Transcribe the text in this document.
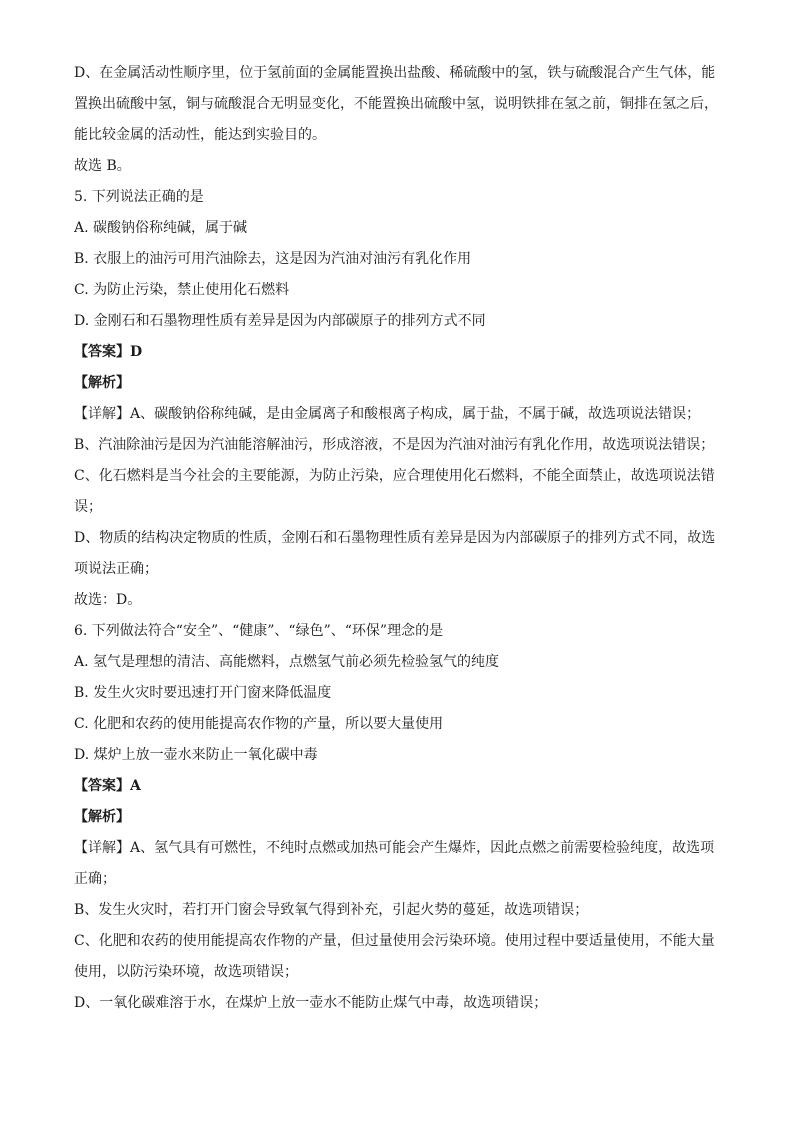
D、在金属活动性顺序里，位于氢前面的金属能置换出盐酸、稀硫酸中的氢，铁与硫酸混合产生气体，能
置换出硫酸中氢，铜与硫酸混合无明显变化，不能置换出硫酸中氢，说明铁排在氢之前，铜排在氢之后，
能比较金属的活动性，能达到实验目的。
故选 B。
5. 下列说法正确的是
A. 碳酸钠俗称纯碱，属于碱
B. 衣服上的油污可用汽油除去，这是因为汽油对油污有乳化作用
C. 为防止污染，禁止使用化石燃料
D. 金刚石和石墨物理性质有差异是因为内部碳原子的排列方式不同
【答案】D
【解析】
【详解】A、碳酸钠俗称纯碱，是由金属离子和酸根离子构成，属于盐，不属于碱，故选项说法错误；
B、汽油除油污是因为汽油能溶解油污，形成溶液，不是因为汽油对油污有乳化作用，故选项说法错误；
C、化石燃料是当今社会的主要能源，为防止污染，应合理使用化石燃料，不能全面禁止，故选项说法错
误；
D、物质的结构决定物质的性质，金刚石和石墨物理性质有差异是因为内部碳原子的排列方式不同，故选
项说法正确；
故选：D。
6. 下列做法符合“安全”、“健康”、“绿色”、“环保”理念的是
A. 氢气是理想的清洁、高能燃料，点燃氢气前必须先检验氢气的纯度
B. 发生火灾时要迅速打开门窗来降低温度
C. 化肥和农药的使用能提高农作物的产量，所以要大量使用
D. 煤炉上放一壶水来防止一氧化碳中毒
【答案】A
【解析】
【详解】A、氢气具有可燃性，不纯时点燃或加热可能会产生爆炸，因此点燃之前需要检验纯度，故选项
正确；
B、发生火灾时，若打开门窗会导致氧气得到补充，引起火势的蔓延，故选项错误；
C、化肥和农药的使用能提高农作物的产量，但过量使用会污染环境。使用过程中要适量使用，不能大量
使用，以防污染环境，故选项错误；
D、一氧化碳难溶于水，在煤炉上放一壶水不能防止煤气中毒，故选项错误；
